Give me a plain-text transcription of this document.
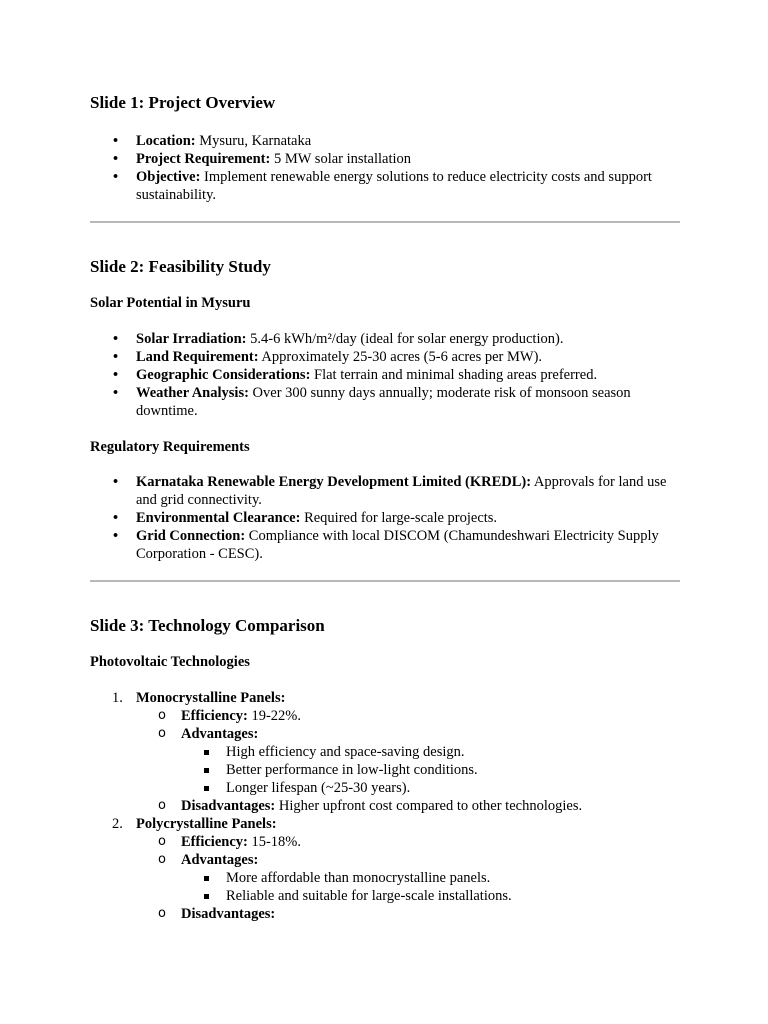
Slide 1: Project Overview
• Location: Mysuru, Karnataka
• Project Requirement: 5 MW solar installation
• Objective: Implement renewable energy solutions to reduce electricity costs and support sustainability.
Slide 2: Feasibility Study
Solar Potential in Mysuru
• Solar Irradiation: 5.4-6 kWh/m²/day (ideal for solar energy production).
• Land Requirement: Approximately 25-30 acres (5-6 acres per MW).
• Geographic Considerations: Flat terrain and minimal shading areas preferred.
• Weather Analysis: Over 300 sunny days annually; moderate risk of monsoon season downtime.
Regulatory Requirements
• Karnataka Renewable Energy Development Limited (KREDL): Approvals for land use and grid connectivity.
• Environmental Clearance: Required for large-scale projects.
• Grid Connection: Compliance with local DISCOM (Chamundeshwari Electricity Supply Corporation - CESC).
Slide 3: Technology Comparison
Photovoltaic Technologies
1. Monocrystalline Panels:
o Efficiency: 19-22%.
o Advantages:
High efficiency and space-saving design.
Better performance in low-light conditions.
Longer lifespan (~25-30 years).
o Disadvantages: Higher upfront cost compared to other technologies.
2. Polycrystalline Panels:
o Efficiency: 15-18%.
o Advantages:
More affordable than monocrystalline panels.
Reliable and suitable for large-scale installations.
o Disadvantages:
